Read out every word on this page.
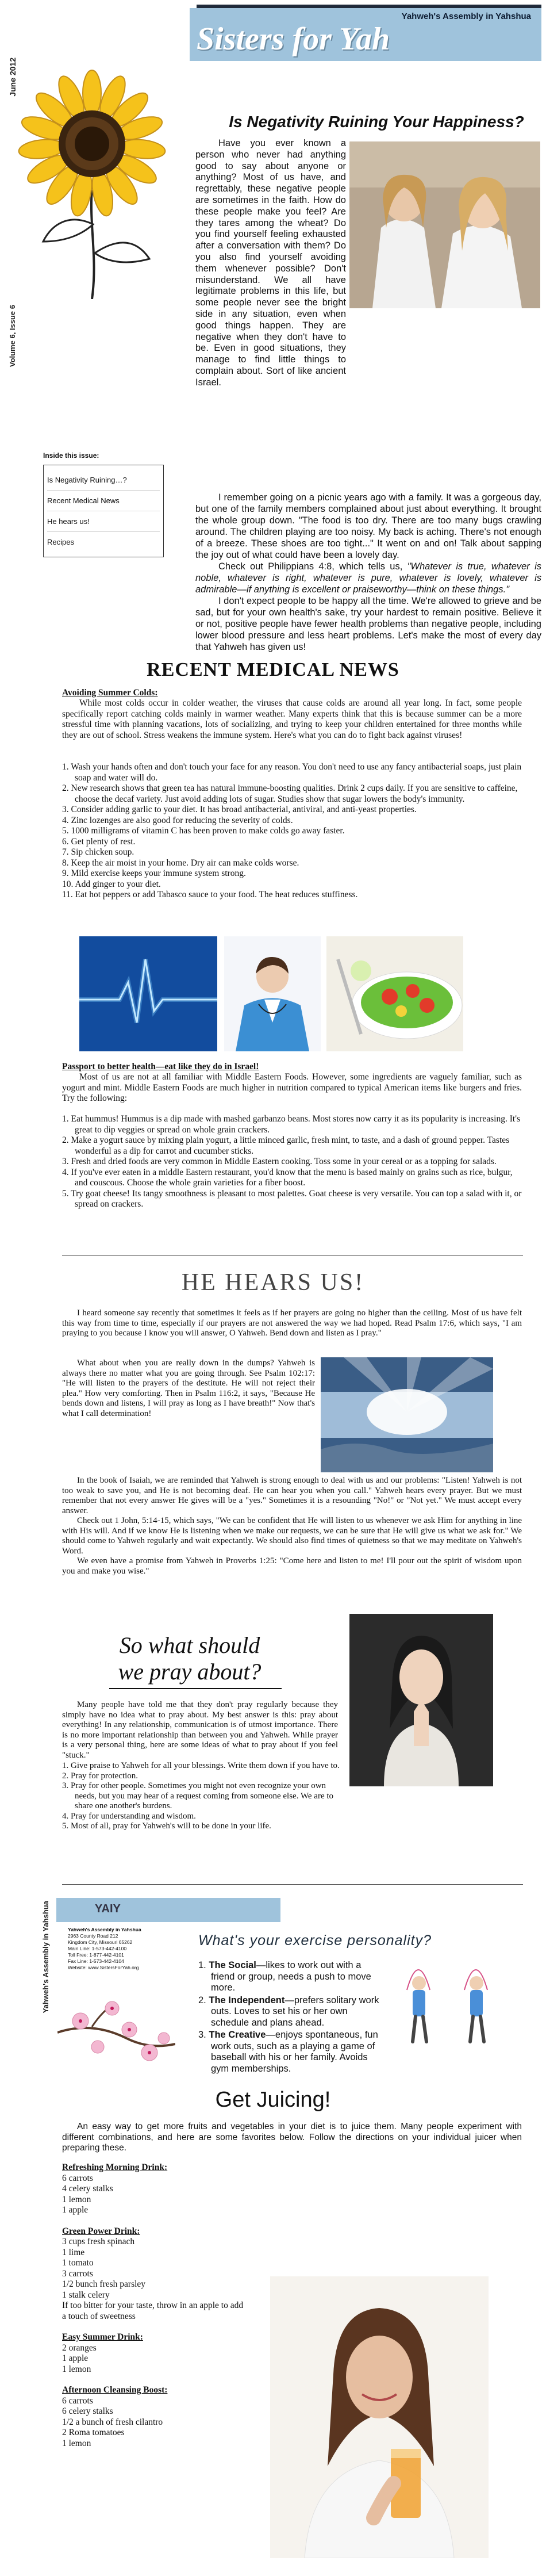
Yahweh's Assembly in Yahshua
Sisters for Yah
June 2012
Volume 6, Issue 6
Inside this issue:
Is Negativity Ruining…?
Recent Medical News
He hears us!
Recipes
Is Negativity Ruining Your Happiness?

Have you ever known a person who never had anything good to say about anyone or anything? Most of us have, and regrettably, these negative people are sometimes in the faith. How do these people make you feel? Are they tares among the wheat? Do you find yourself feeling exhausted after a conversation with them? Do you also find yourself avoiding them whenever possible? Don't misunderstand. We all have legitimate problems in this life, but some people never see the bright side in any situation, even when good things happen. They are negative when they don't have to be. Even in good situations, they manage to find little things to complain about. Sort of like ancient Israel.

I remember going on a picnic years ago with a family. It was a gorgeous day, but one of the family members complained about just about everything. It brought the whole group down. "The food is too dry. There are too many bugs crawling around. The children playing are too noisy. My back is aching. There's not enough of a breeze. These shoes are too tight..." It went on and on! Talk about sapping the joy out of what could have been a lovely day.

Check out Philippians 4:8, which tells us, "Whatever is true, whatever is noble, whatever is right, whatever is pure, whatever is lovely, whatever is admirable—if anything is excellent or praiseworthy—think on these things."

I don't expect people to be happy all the time. We're allowed to grieve and be sad, but for your own health's sake, try your hardest to remain positive. Believe it or not, positive people have fewer health problems than negative people, including lower blood pressure and less heart problems. Let's make the most of every day that Yahweh has given us!

RECENT MEDICAL NEWS
Avoiding Summer Colds:
While most colds occur in colder weather, the viruses that cause colds are around all year long. In fact, some people specifically report catching colds mainly in warmer weather. Many experts think that this is because summer can be a more stressful time with planning vacations, lots of socializing, and trying to keep your children entertained for three months while they are out of school. Stress weakens the immune system. Here's what you can do to fight back against viruses!
1. Wash your hands often and don't touch your face for any reason. You don't need to use any fancy antibacterial soaps, just plain soap and water will do.
2. New research shows that green tea has natural immune-boosting qualities. Drink 2 cups daily. If you are sensitive to caffeine, choose the decaf variety. Just avoid adding lots of sugar. Studies show that sugar lowers the body's immunity.
3. Consider adding garlic to your diet. It has broad antibacterial, antiviral, and anti-yeast properties.
4. Zinc lozenges are also good for reducing the severity of colds.
5. 1000 milligrams of vitamin C has been proven to make colds go away faster.
6. Get plenty of rest.
7. Sip chicken soup.
8. Keep the air moist in your home. Dry air can make colds worse.
9. Mild exercise keeps your immune system strong.
10. Add ginger to your diet.
11. Eat hot peppers or add Tabasco sauce to your food. The heat reduces stuffiness.
Passport to better health—eat like they do in Israel!
Most of us are not at all familiar with Middle Eastern Foods. However, some ingredients are vaguely familiar, such as yogurt and mint. Middle Eastern Foods are much higher in nutrition compared to typical American items like burgers and fries. Try the following:
1. Eat hummus! Hummus is a dip made with mashed garbanzo beans. Most stores now carry it as its popularity is increasing. It's great to dip veggies or spread on whole grain crackers.
2. Make a yogurt sauce by mixing plain yogurt, a little minced garlic, fresh mint, to taste, and a dash of ground pepper. Tastes wonderful as a dip for carrot and cucumber sticks.
3. Fresh and dried foods are very common in Middle Eastern cooking. Toss some in your cereal or as a topping for salads.
4. If you've ever eaten in a middle Eastern restaurant, you'd know that the menu is based mainly on grains such as rice, bulgur, and couscous. Choose the whole grain varieties for a fiber boost.
5. Try goat cheese! Its tangy smoothness is pleasant to most palettes. Goat cheese is very versatile. You can top a salad with it, or spread on crackers.
HE HEARS US!

I heard someone say recently that sometimes it feels as if her prayers are going no higher than the ceiling. Most of us have felt this way from time to time, especially if our prayers are not answered the way we had hoped. Read Psalm 17:6, which says, "I am praying to you because I know you will answer, O Yahweh. Bend down and listen as I pray."

What about when you are really down in the dumps? Yahweh is always there no matter what you are going through. See Psalm 102:17: "He will listen to the prayers of the destitute. He will not reject their plea." How very comforting. Then in Psalm 116:2, it says, "Because He bends down and listens, I will pray as long as I have breath!" Now that's what I call determination!

In the book of Isaiah, we are reminded that Yahweh is strong enough to deal with us and our problems: "Listen! Yahweh is not too weak to save you, and He is not becoming deaf. He can hear you when you call." Yahweh hears every prayer. But we must remember that not every answer He gives will be a "yes." Sometimes it is a resounding "No!" or "Not yet." We must accept every answer.

Check out 1 John, 5:14-15, which says, "We can be confident that He will listen to us whenever we ask Him for anything in line with His will. And if we know He is listening when we make our requests, we can be sure that He will give us what we ask for." We should come to Yahweh regularly and wait expectantly. We should also find times of quietness so that we may meditate on Yahweh's Word.

We even have a promise from Yahweh in Proverbs 1:25: "Come here and listen to me! I'll pour out the spirit of wisdom upon you and make you wise."

So what should
we pray about?

Many people have told me that they don't pray regularly because they simply have no idea what to pray about. My best answer is this: pray about everything! In any relationship, communication is of utmost importance. There is no more important relationship than between you and Yahweh. While prayer is a very personal thing, here are some ideas of what to pray about if you feel "stuck."

1. Give praise to Yahweh for all your blessings. Write them down if you have to.
2. Pray for protection.
3. Pray for other people. Sometimes you might not even recognize your own needs, but you may hear of a request coming from someone else. We are to share one another's burdens.
4. Pray for understanding and wisdom.
5. Most of all, pray for Yahweh's will to be done in your life.
Yahweh's Assembly in Yahshua	YAIY
Yahweh's Assembly in Yahshua
2963 County Road 212
Kingdom City, Missouri 65262
Main Line: 1-573-442-4100
Toll Free: 1-877-442-4101
Fax Line: 1-573-442-4104
Website: www.SistersForYah.org
What's your exercise personality?
1. The Social—likes to work out with a friend or group, needs a push to move more.
2. The Independent—prefers solitary work outs. Loves to set his or her own schedule and plans ahead.
3. The Creative—enjoys spontaneous, fun work outs, such as a playing a game of baseball with his or her family. Avoids gym memberships.
Get Juicing!

An easy way to get more fruits and vegetables in your diet is to juice them. Many people experiment with different combinations, and here are some favorites below. Follow the directions on your individual juicer when preparing these.

Refreshing Morning Drink:
6 carrots
4 celery stalks
1 lemon
1 apple
Green Power Drink:
3 cups fresh spinach
1 lime
1 tomato
3 carrots
1/2 bunch fresh parsley
1 stalk celery
If too bitter for your taste, throw in an apple to add a touch of sweetness
Easy Summer Drink:
2 oranges
1 apple
1 lemon
Afternoon Cleansing Boost:
6 carrots
6 celery stalks
1/2 a bunch of fresh cilantro
2 Roma tomatoes
1 lemon
